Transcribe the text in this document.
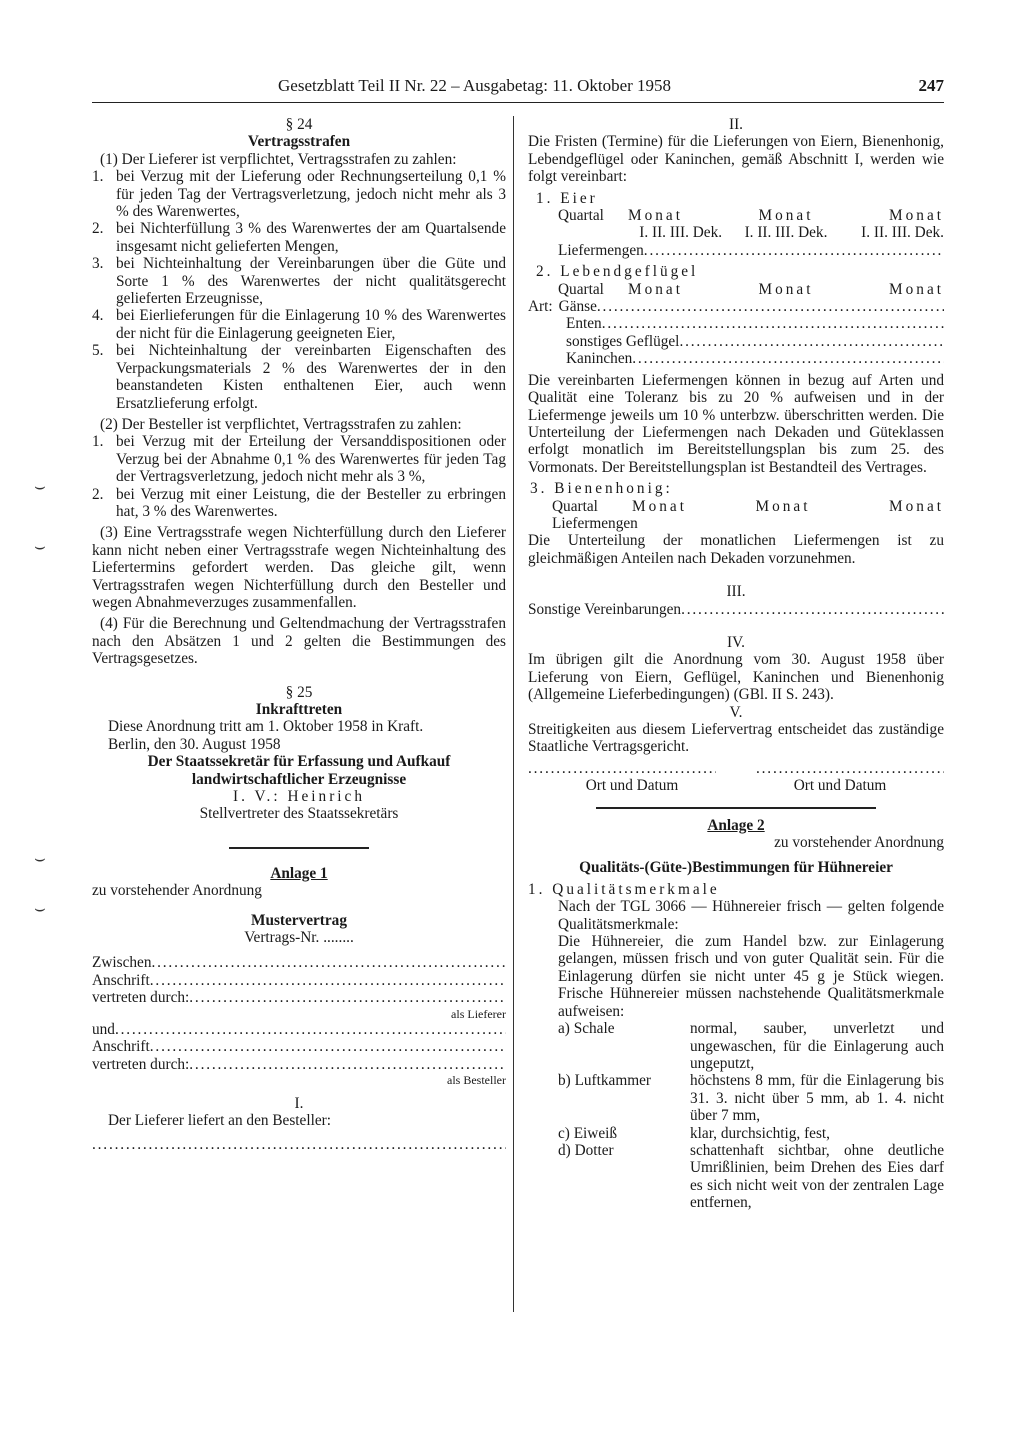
Gesetzblatt Teil II Nr. 22 – Ausgabetag: 11. Oktober 1958	247
§ 24
Vertragsstrafen
(1) Der Lieferer ist verpflichtet, Vertragsstrafen zu zahlen:
1. bei Verzug mit der Lieferung oder Rechnungserteilung 0,1 % für jeden Tag der Vertragsverletzung, jedoch nicht mehr als 3 % des Warenwertes,
2. bei Nichterfüllung 3 % des Warenwertes der am Quartalsende insgesamt nicht gelieferten Mengen,
3. bei Nichteinhaltung der Vereinbarungen über die Güte und Sorte 1 % des Warenwertes der nicht qualitätsgerecht gelieferten Erzeugnisse,
4. bei Eierlieferungen für die Einlagerung 10 % des Warenwertes der nicht für die Einlagerung geeigneten Eier,
5. bei Nichteinhaltung der vereinbarten Eigenschaften des Verpackungsmaterials 2 % des Warenwertes der in den beanstandeten Kisten enthaltenen Eier, auch wenn Ersatzlieferung erfolgt.
(2) Der Besteller ist verpflichtet, Vertragsstrafen zu zahlen:
1. bei Verzug mit der Erteilung der Versanddispositionen oder Verzug bei der Abnahme 0,1 % des Warenwertes für jeden Tag der Vertragsverletzung, jedoch nicht mehr als 3 %,
2. bei Verzug mit einer Leistung, die der Besteller zu erbringen hat, 3 % des Warenwertes.
(3) Eine Vertragsstrafe wegen Nichterfüllung durch den Lieferer kann nicht neben einer Vertragsstrafe wegen Nichteinhaltung des Liefertermins gefordert werden. Das gleiche gilt, wenn Vertragsstrafen wegen Nichterfüllung durch den Besteller und wegen Abnahmeverzuges zusammenfallen.
(4) Für die Berechnung und Geltendmachung der Vertragsstrafen nach den Absätzen 1 und 2 gelten die Bestimmungen des Vertragsgesetzes.
§ 25
Inkrafttreten
Diese Anordnung tritt am 1. Oktober 1958 in Kraft.
Berlin, den 30. August 1958
Der Staatssekretär für Erfassung und Aufkauf
landwirtschaftlicher Erzeugnisse
I. V.: Heinrich
Stellvertreter des Staatssekretärs
Anlage 1
zu vorstehender Anordnung
Mustervertrag
Vertrags-Nr. ........
Zwischen
. . .
Anschrift
. . .
vertreten durch:
. . .
als Lieferer
und
. . .
Anschrift
. . .
vertreten durch:
. . .
als Besteller
I.
Der Lieferer liefert an den Besteller:
. . .
II.
Die Fristen (Termine) für die Lieferungen von Eiern, Bienenhonig, Lebendgeflügel oder Kaninchen, gemäß Abschnitt I, werden wie folgt vereinbart:
1. Eier
Quartal	Monat	Monat	Monat
I. II. III. Dek.	I. II. III. Dek.	I. II. III. Dek.
Liefermengen
. . .
2. Lebendgeflügel
Quartal	Monat	Monat	Monat
Art: Gänse
. . .
Enten
. . .
sonstiges Geflügel
. . .
Kaninchen
. . .
Die vereinbarten Liefermengen können in bezug auf Arten und Qualität eine Toleranz bis zu 20 % aufweisen und in der Liefermenge jeweils um 10 % unterbzw. überschritten werden. Die Unterteilung der Liefermengen nach Dekaden und Güteklassen erfolgt monatlich im Bereitstellungsplan bis zum 25. des Vormonats. Der Bereitstellungsplan ist Bestandteil des Vertrages.
3. Bienenhonig:
Quartal	Monat	Monat	Monat
Liefermengen
Die Unterteilung der monatlichen Liefermengen ist zu gleichmäßigen Anteilen nach Dekaden vorzunehmen.
III.
Sonstige Vereinbarungen
. . .
IV.
Im übrigen gilt die Anordnung vom 30. August 1958 über Lieferung von Eiern, Geflügel, Kaninchen und Bienenhonig (Allgemeine Lieferbedingungen) (GBl. II S. 243).
V.
Streitigkeiten aus diesem Liefervertrag entscheidet das zuständige Staatliche Vertragsgericht.
. . .
. . .
Ort und Datum	Ort und Datum
Anlage 2
zu vorstehender Anordnung
Qualitäts-(Güte-)Bestimmungen für Hühnereier
1. Qualitätsmerkmale
Nach der TGL 3066 — Hühnereier frisch — gelten folgende Qualitätsmerkmale:
Die Hühnereier, die zum Handel bzw. zur Einlagerung gelangen, müssen frisch und von guter Qualität sein. Für die Einlagerung dürfen sie nicht unter 45 g je Stück wiegen. Frische Hühnereier müssen nachstehende Qualitätsmerkmale aufweisen:
a) Schale	normal, sauber, unverletzt und ungewaschen, für die Einlagerung auch ungeputzt,
b) Luftkammer	höchstens 8 mm, für die Einlagerung bis 31. 3. nicht über 5 mm, ab 1. 4. nicht über 7 mm,
c) Eiweiß	klar, durchsichtig, fest,
d) Dotter	schattenhaft sichtbar, ohne deutliche Umrißlinien, beim Drehen des Eies darf es sich nicht weit von der zentralen Lage entfernen,
⌣
⌣
⌣
⌣
